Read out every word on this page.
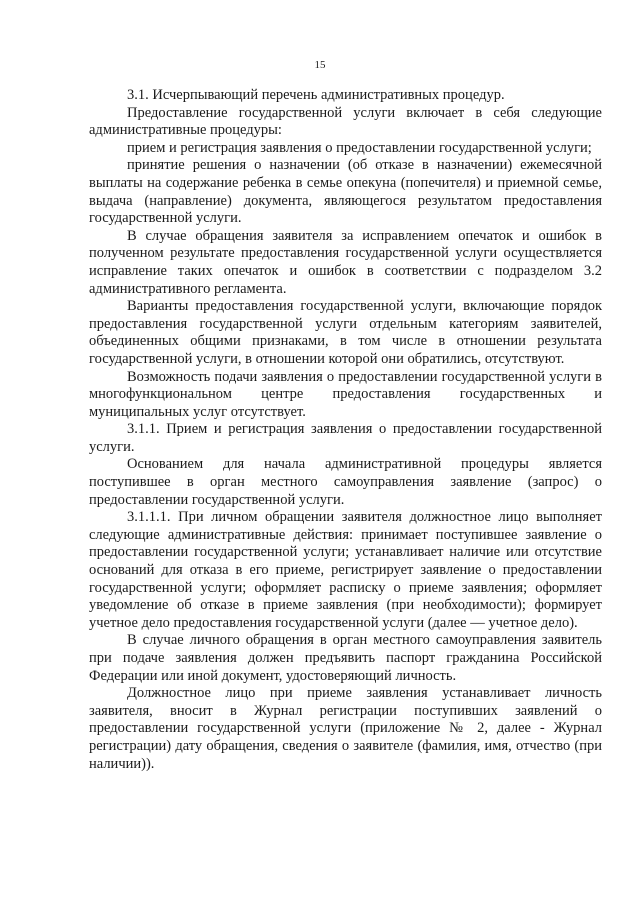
15

3.1. Исчерпывающий перечень административных процедур.

Предоставление государственной услуги включает в себя следующие административные процедуры:

прием и регистрация заявления о предоставлении государственной услуги;

принятие решения о назначении (об отказе в назначении) ежемесячной выплаты на содержание ребенка в семье опекуна (попечителя) и приемной семье, выдача (направление) документа, являющегося результатом предоставления государственной услуги.

В случае обращения заявителя за исправлением опечаток и ошибок в полученном результате предоставления государственной услуги осуществляется исправление таких опечаток и ошибок в соответствии с подразделом 3.2 административного регламента.

Варианты предоставления государственной услуги, включающие порядок предоставления государственной услуги отдельным категориям заявителей, объединенных общими признаками, в том числе в отношении результата государственной услуги, в отношении которой они обратились, отсутствуют.

Возможность подачи заявления о предоставлении государственной услуги в многофункциональном центре предоставления государственных и муниципальных услуг отсутствует.

3.1.1. Прием и регистрация заявления о предоставлении государственной услуги.

Основанием для начала административной процедуры является поступившее в орган местного самоуправления заявление (запрос) о предоставлении государственной услуги.

3.1.1.1. При личном обращении заявителя должностное лицо выполняет следующие административные действия: принимает поступившее заявление о предоставлении государственной услуги; устанавливает наличие или отсутствие оснований для отказа в его приеме, регистрирует заявление о предоставлении государственной услуги; оформляет расписку о приеме заявления; оформляет уведомление об отказе в приеме заявления (при необходимости); формирует учетное дело предоставления государственной услуги (далее — учетное дело).

В случае личного обращения в орган местного самоуправления заявитель при подаче заявления должен предъявить паспорт гражданина Российской Федерации или иной документ, удостоверяющий личность.

Должностное лицо при приеме заявления устанавливает личность заявителя, вносит в Журнал регистрации поступивших заявлений о предоставлении государственной услуги (приложение № 2, далее - Журнал регистрации) дату обращения, сведения о заявителе (фамилия, имя, отчество (при наличии)).
